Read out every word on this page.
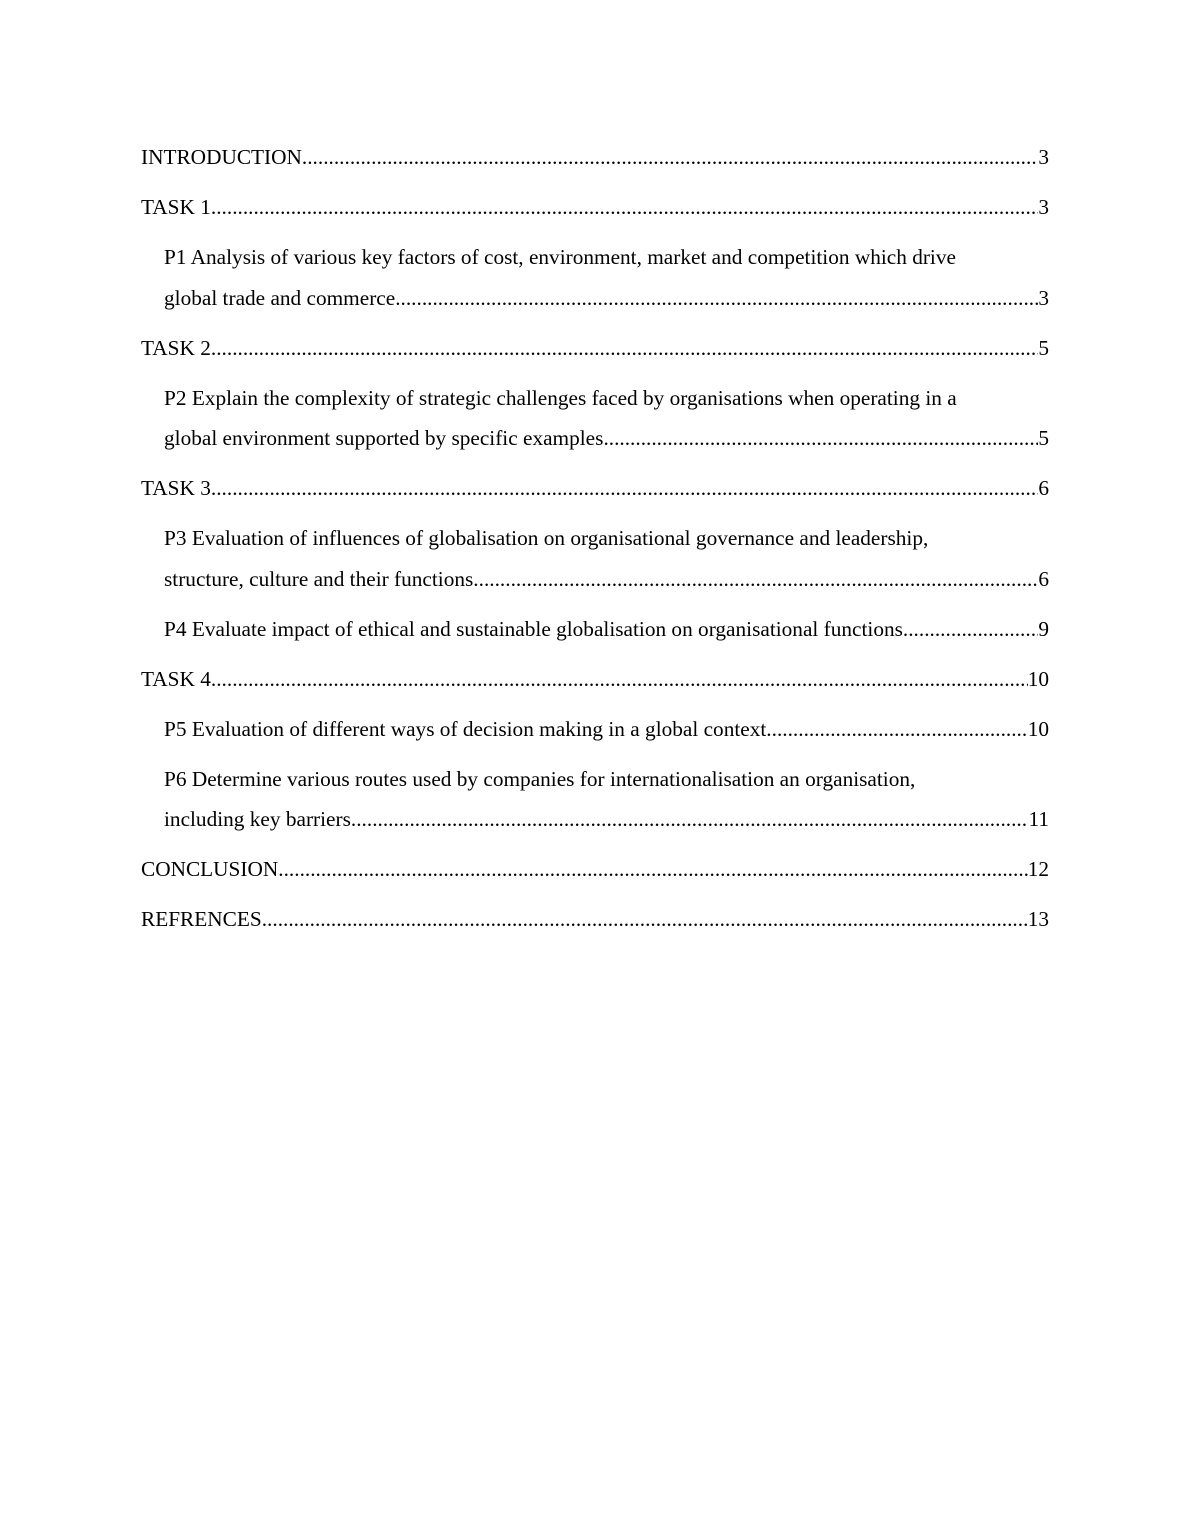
INTRODUCTION .....	3
TASK 1 .....	3
P1 Analysis of various key factors of cost, environment, market and competition which drive
global trade and commerce .....	3
TASK 2 .....	5
P2 Explain the complexity of strategic challenges faced by organisations when operating in a
global environment supported by specific examples .....	5
TASK 3 .....	6
P3 Evaluation of influences of globalisation on organisational governance and leadership,
structure, culture and their functions .....	6
P4 Evaluate impact of ethical and sustainable globalisation on organisational functions .....	9
TASK 4 .....	10
P5 Evaluation of different ways of decision making in a global context .....	10
P6 Determine various routes used by companies for internationalisation an organisation,
including key barriers .....	11
CONCLUSION .....	12
REFRENCES .....	13
